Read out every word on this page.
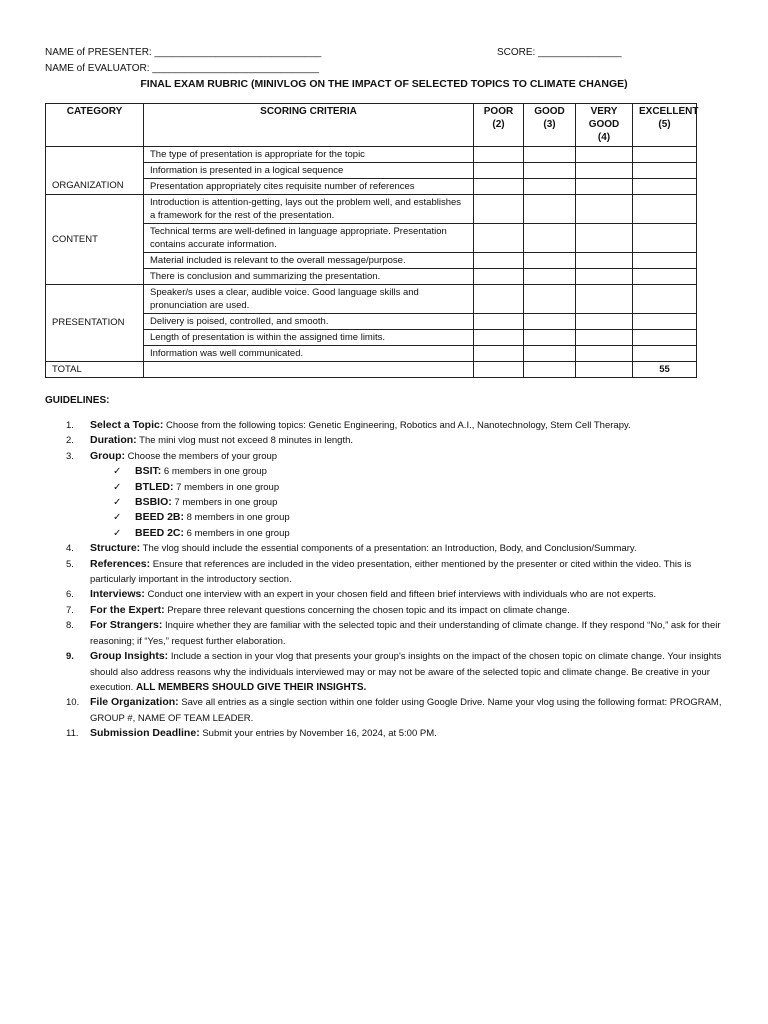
NAME of PRESENTER: ______________________________	SCORE: _______________
NAME of EVALUATOR: ______________________________
FINAL EXAM RUBRIC (MINIVLOG ON THE IMPACT OF SELECTED TOPICS TO CLIMATE CHANGE)
CATEGORY	SCORING CRITERIA	POOR (2)	GOOD (3)	VERY GOOD (4)	EXCELLENT (5)
ORGANIZATION	The type of presentation is appropriate for the topic				
	Information is presented in a logical sequence				
	Presentation appropriately cites requisite number of references				
CONTENT	Introduction is attention-getting, lays out the problem well, and establishes a framework for the rest of the presentation.				
	Technical terms are well-defined in language appropriate. Presentation contains accurate information.				
	Material included is relevant to the overall message/purpose.				
	There is conclusion and summarizing the presentation.				
PRESENTATION	Speaker/s uses a clear, audible voice. Good language skills and pronunciation are used.				
	Delivery is poised, controlled, and smooth.				
	Length of presentation is within the assigned time limits.				
	Information was well communicated.				
TOTAL					55
GUIDELINES:
1. Select a Topic: Choose from the following topics: Genetic Engineering, Robotics and A.I., Nanotechnology, Stem Cell Therapy.
2. Duration: The mini vlog must not exceed 8 minutes in length.
3. Group: Choose the members of your group
✓ BSIT: 6 members in one group
✓ BTLED: 7 members in one group
✓ BSBIO: 7 members in one group
✓ BEED 2B: 8 members in one group
✓ BEED 2C: 6 members in one group
4. Structure: The vlog should include the essential components of a presentation: an Introduction, Body, and Conclusion/Summary.
5. References: Ensure that references are included in the video presentation, either mentioned by the presenter or cited within the video. This is particularly important in the introductory section.
6. Interviews: Conduct one interview with an expert in your chosen field and fifteen brief interviews with individuals who are not experts.
7. For the Expert: Prepare three relevant questions concerning the chosen topic and its impact on climate change.
8. For Strangers: Inquire whether they are familiar with the selected topic and their understanding of climate change. If they respond “No,” ask for their reasoning; if “Yes,” request further elaboration.
9. Group Insights: Include a section in your vlog that presents your group's insights on the impact of the chosen topic on climate change. Your insights should also address reasons why the individuals interviewed may or may not be aware of the selected topic and climate change. Be creative in your execution. ALL MEMBERS SHOULD GIVE THEIR INSIGHTS.
10. File Organization: Save all entries as a single section within one folder using Google Drive. Name your vlog using the following format: PROGRAM, GROUP #, NAME OF TEAM LEADER.
11. Submission Deadline: Submit your entries by November 16, 2024, at 5:00 PM.
